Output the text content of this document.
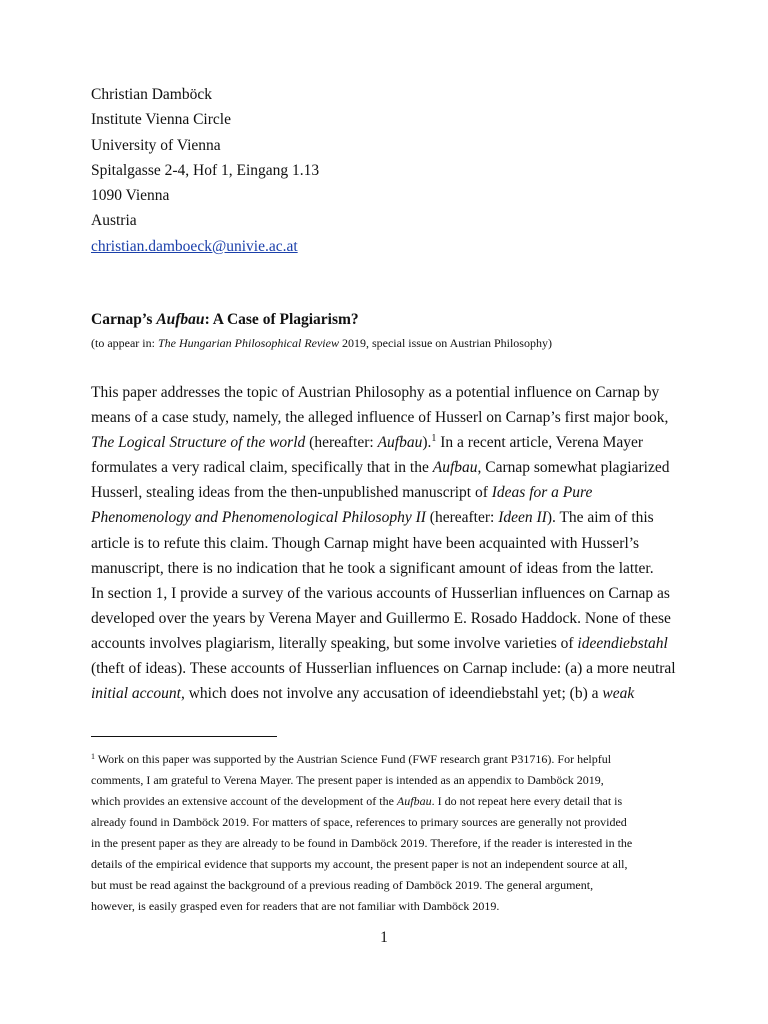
Christian Damböck
Institute Vienna Circle
University of Vienna
Spitalgasse 2-4, Hof 1, Eingang 1.13
1090 Vienna
Austria
christian.damboeck@univie.ac.at
Carnap’s Aufbau: A Case of Plagiarism?
(to appear in: The Hungarian Philosophical Review 2019, special issue on Austrian Philosophy)
This paper addresses the topic of Austrian Philosophy as a potential influence on Carnap by
means of a case study, namely, the alleged influence of Husserl on Carnap’s first major book,
The Logical Structure of the world (hereafter: Aufbau).$^1$ In a recent article, Verena Mayer
formulates a very radical claim, specifically that in the Aufbau, Carnap somewhat plagiarized
Husserl, stealing ideas from the then-unpublished manuscript of Ideas for a Pure
Phenomenology and Phenomenological Philosophy II (hereafter: Ideen II). The aim of this
article is to refute this claim. Though Carnap might have been acquainted with Husserl’s
manuscript, there is no indication that he took a significant amount of ideas from the latter.
In section 1, I provide a survey of the various accounts of Husserlian influences on Carnap as
developed over the years by Verena Mayer and Guillermo E. Rosado Haddock. None of these
accounts involves plagiarism, literally speaking, but some involve varieties of ideendiebstahl
(theft of ideas). These accounts of Husserlian influences on Carnap include: (a) a more neutral
initial account, which does not involve any accusation of ideendiebstahl yet; (b) a weak
$^1$ Work on this paper was supported by the Austrian Science Fund (FWF research grant P31716). For helpful
comments, I am grateful to Verena Mayer. The present paper is intended as an appendix to Damböck 2019,
which provides an extensive account of the development of the Aufbau. I do not repeat here every detail that is
already found in Damböck 2019. For matters of space, references to primary sources are generally not provided
in the present paper as they are already to be found in Damböck 2019. Therefore, if the reader is interested in the
details of the empirical evidence that supports my account, the present paper is not an independent source at all,
but must be read against the background of a previous reading of Damböck 2019. The general argument,
however, is easily grasped even for readers that are not familiar with Damböck 2019.
1
